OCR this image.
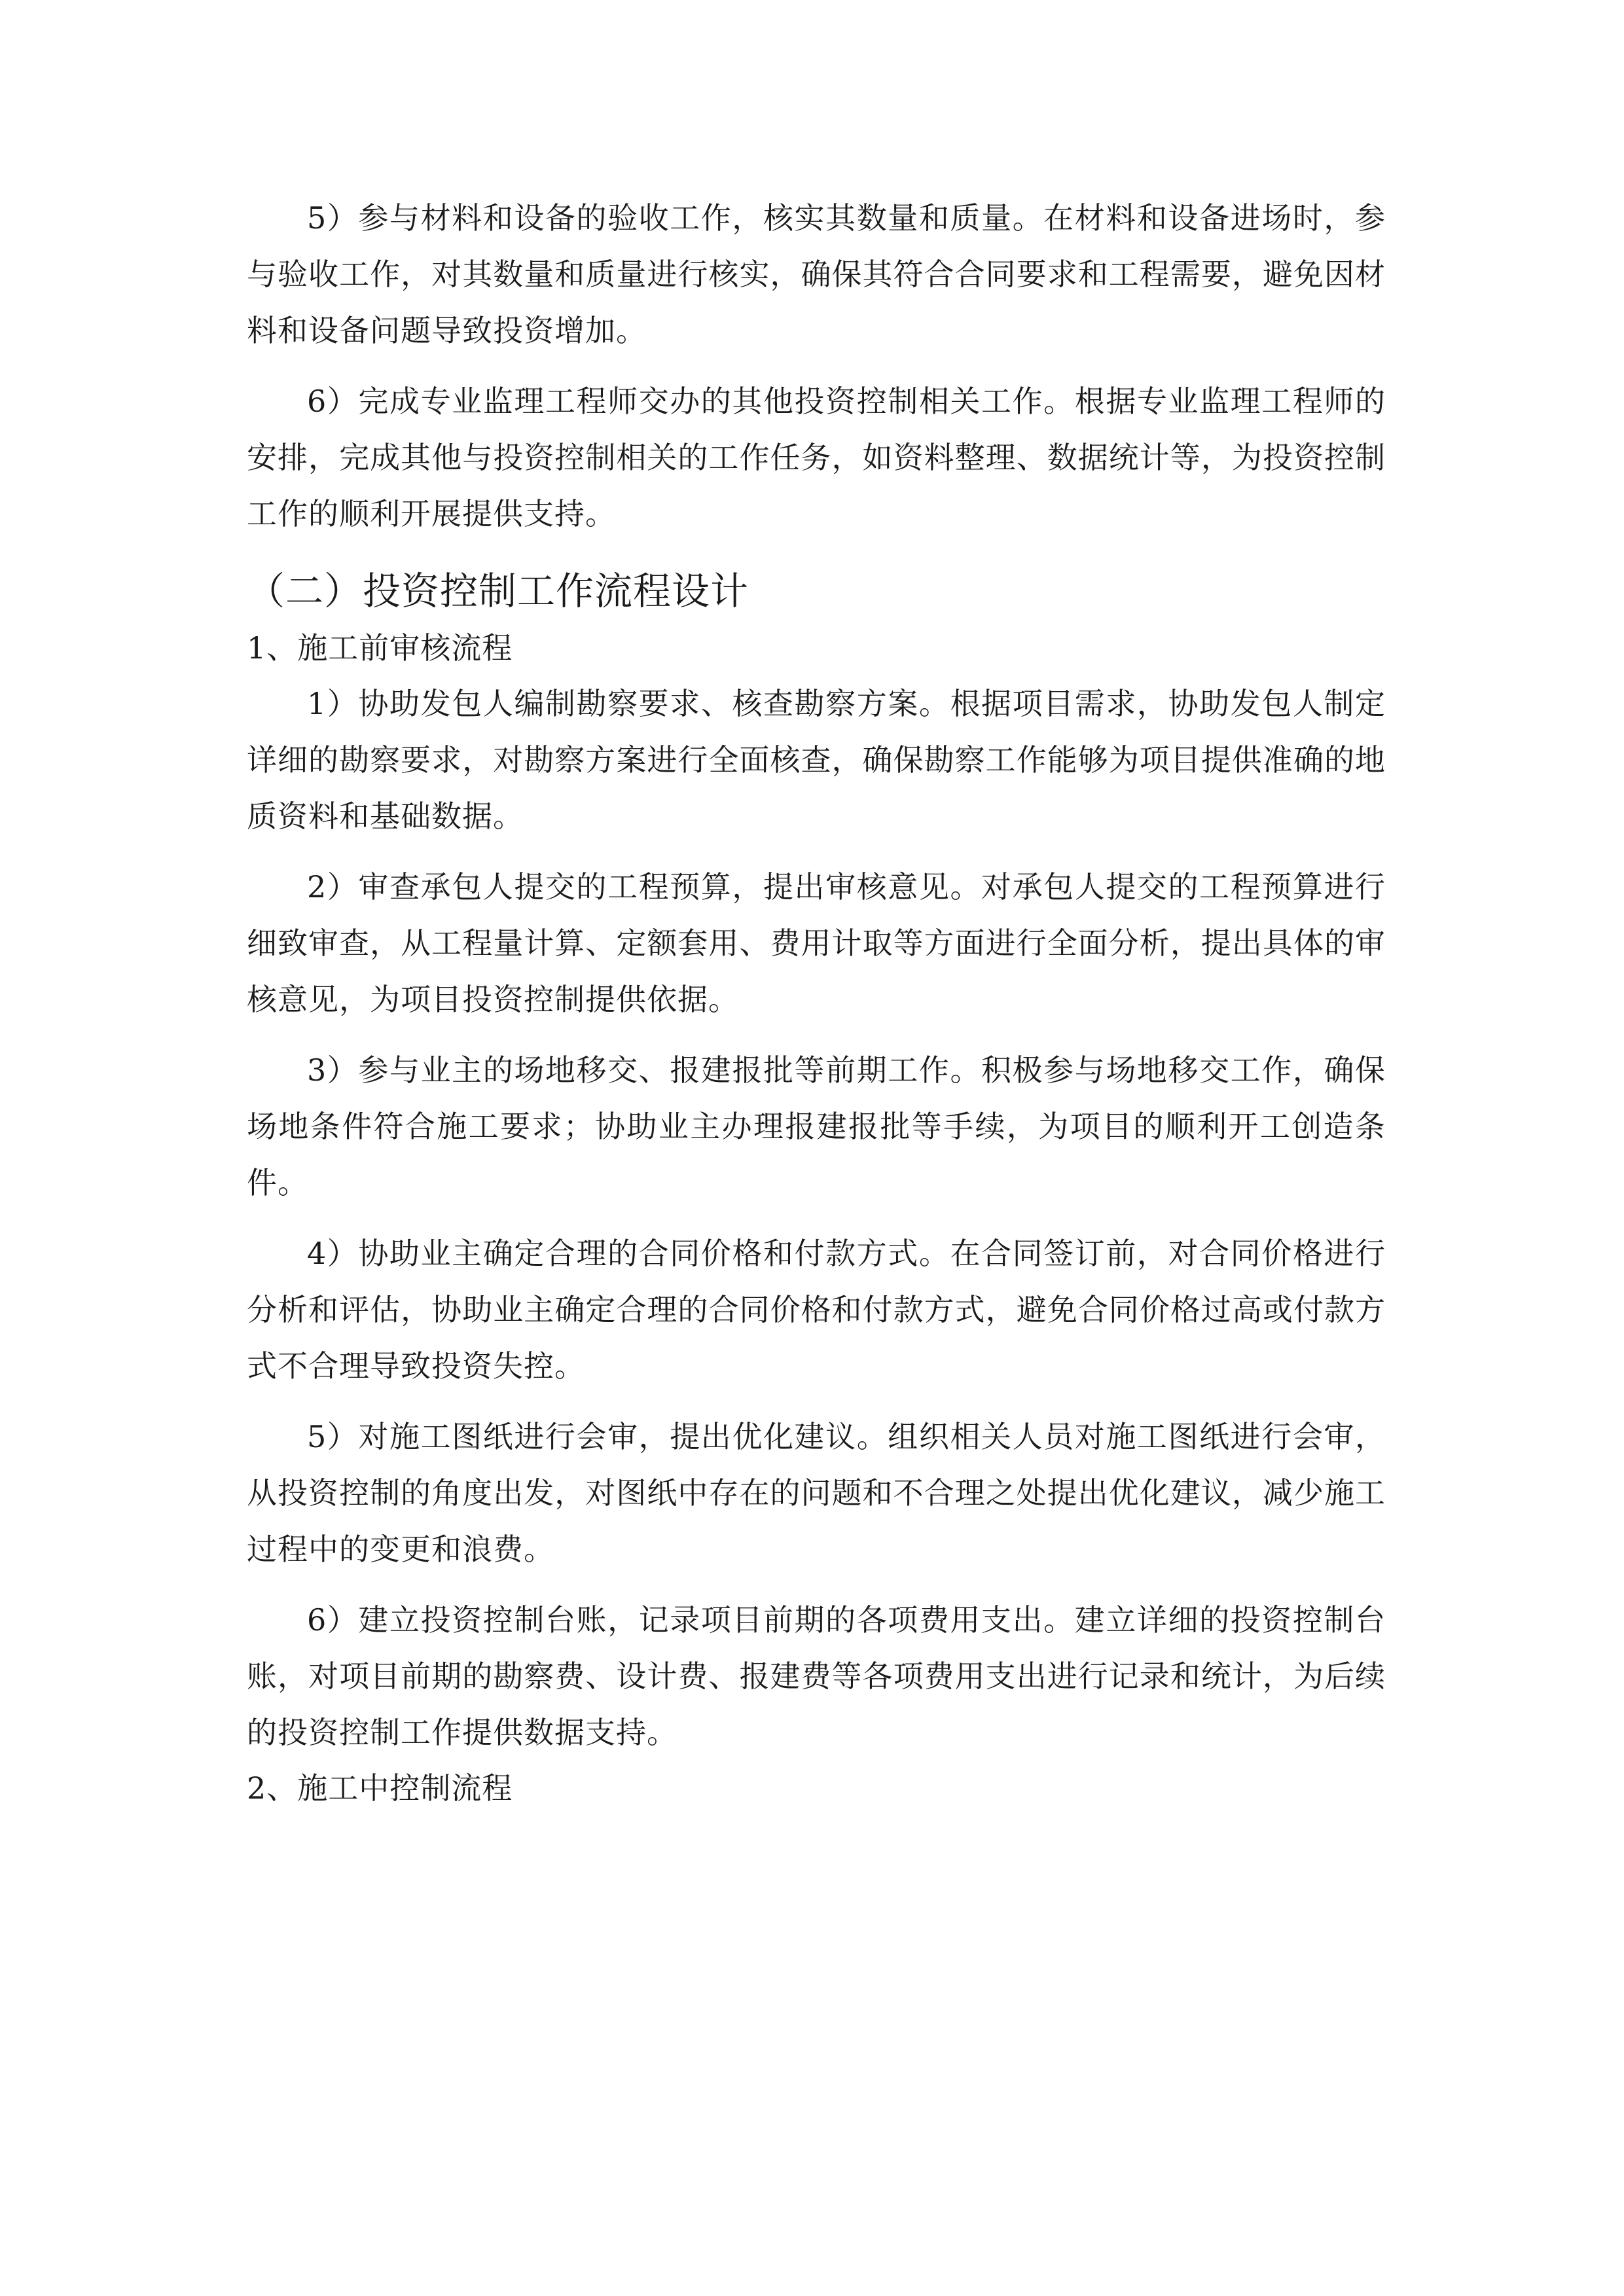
5）参与材料和设备的验收工作，核实其数量和质量。在材料和设备进场时，参与验收工作，对其数量和质量进行核实，确保其符合合同要求和工程需要，避免因材料和设备问题导致投资增加。

6）完成专业监理工程师交办的其他投资控制相关工作。根据专业监理工程师的安排，完成其他与投资控制相关的工作任务，如资料整理、数据统计等，为投资控制工作的顺利开展提供支持。

（二）投资控制工作流程设计

1、施工前审核流程

1）协助发包人编制勘察要求、核查勘察方案。根据项目需求，协助发包人制定详细的勘察要求，对勘察方案进行全面核查，确保勘察工作能够为项目提供准确的地质资料和基础数据。

2）审查承包人提交的工程预算，提出审核意见。对承包人提交的工程预算进行细致审查，从工程量计算、定额套用、费用计取等方面进行全面分析，提出具体的审核意见，为项目投资控制提供依据。

3）参与业主的场地移交、报建报批等前期工作。积极参与场地移交工作，确保场地条件符合施工要求；协助业主办理报建报批等手续，为项目的顺利开工创造条件。

4）协助业主确定合理的合同价格和付款方式。在合同签订前，对合同价格进行分析和评估，协助业主确定合理的合同价格和付款方式，避免合同价格过高或付款方式不合理导致投资失控。

5）对施工图纸进行会审，提出优化建议。组织相关人员对施工图纸进行会审，从投资控制的角度出发，对图纸中存在的问题和不合理之处提出优化建议，减少施工过程中的变更和浪费。

6）建立投资控制台账，记录项目前期的各项费用支出。建立详细的投资控制台账，对项目前期的勘察费、设计费、报建费等各项费用支出进行记录和统计，为后续的投资控制工作提供数据支持。

2、施工中控制流程
